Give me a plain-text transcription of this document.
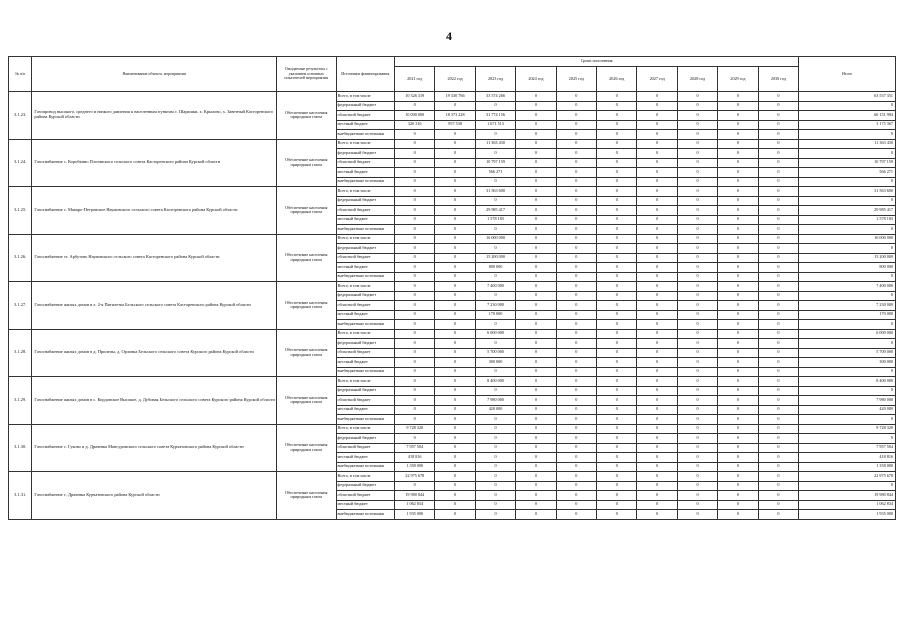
4
№ п/п	Наименование объекта, мероприятия	Ожидаемые результаты с указанием основных показателей мероприятия	Источники финансирования	Сроки исполнения										Итого
				2021 год	2022 год	2023 год	2024 год	2025 год	2026 год	2027 год	2028 год	2029 год	2030 год	
3.1.23.	Газопровод высокого, среднего и низкого давления к населенным пунктам с. Шарашки, х. Крылово, х. Заветный Касторенского района Курской области	Обеспечение населения природным газом	Всего, в том числе	10 326 319	19 330 766	33 374 266	0	0	0	0	0	0	0	63 537 351
			федеральный бюджет	0	0	0	0	0	0	0	0	0	0	0
			областной бюджет	10 000 000	18 373 228	31 774 156	0	0	0	0	0	0	0	60 151 984
			местный бюджет	326 316	957 538	1 671 513	0	0	0	0	0	0	0	3 175 367
			внебюджетные источники	0	0	0	0	0	0	0	0	0	0	0
3.1.24.	Газоснабжение с. Коробкино Плотавского сельского совета Касторенского района Курской области	Обеспечение населения природным газом	Всего, в том числе	0	0	11 363 430	0	0	0	0	0	0	0	11 363 430
			федеральный бюджет	0	0	0	0	0	0	0	0	0	0	0
			областной бюджет	0	0	10 797 159	0	0	0	0	0	0	0	10 797 159
			местный бюджет	0	0	566 271	0	0	0	0	0	0	0	566 271
			внебюджетные источники	0	0	0	0	0	0	0	0	0	0	0
3.1.25.	Газоснабжение с. Макаро-Петровское Наумовского сельского совета Касторенского района Курской области	Обеспечение населения природным газом	Всего, в том числе	0	0	31 563 600	0	0	0	0	0	0	0	31 563 600
			федеральный бюджет	0	0	0	0	0	0	0	0	0	0	0
			областной бюджет	0	0	29 985 417	0	0	0	0	0	0	0	29 985 417
			местный бюджет	0	0	1 578 183	0	0	0	0	0	0	0	1 578 183
			внебюджетные источники	0	0	0	0	0	0	0	0	0	0	0
3.1.26.	Газоснабжение ст. Арбузово Наумовского сельского совета Касторенского района Курской области	Обеспечение населения природным газом	Всего, в том числе	0	0	16 000 000	0	0	0	0	0	0	0	16 000 000
			федеральный бюджет	0	0	0	0	0	0	0	0	0	0	0
			областной бюджет	0	0	15 200 000	0	0	0	0	0	0	0	15 200 000
			местный бюджет	0	0	800 000	0	0	0	0	0	0	0	800 000
			внебюджетные источники	0	0	0	0	0	0	0	0	0	0	0
3.1.27.	Газоснабжение жилых домов в х. 2-я Пятилетка Бельского сельского совета Касторенского района Курской области	Обеспечение населения природным газом	Всего, в том числе	0	0	7 400 000	0	0	0	0	0	0	0	7 400 000
			федеральный бюджет	0	0	0	0	0	0	0	0	0	0	0
			областной бюджет	0	0	7 230 000	0	0	0	0	0	0	0	7 230 000
			местный бюджет	0	0	170 000	0	0	0	0	0	0	0	170 000
			внебюджетные источники	0	0	0	0	0	0	0	0	0	0	0
3.1.28.	Газоснабжение жилых домов в д. Прилепы, д. Орловка Бельского сельского совета Курского района Курской области	Обеспечение населения природным газом	Всего, в том числе	0	0	6 000 000	0	0	0	0	0	0	0	6 000 000
			федеральный бюджет	0	0	0	0	0	0	0	0	0	0	0
			областной бюджет	0	0	5 700 000	0	0	0	0	0	0	0	5 700 000
			местный бюджет	0	0	300 000	0	0	0	0	0	0	0	300 000
			внебюджетные источники	0	0	0	0	0	0	0	0	0	0	0
3.1.29.	Газоснабжение жилых домов в с. Кордовское Высокое, д. Дубовая Бельского сельского совета Курского района Курской области	Обеспечение населения природным газом	Всего, в том числе	0	0	8 400 000	0	0	0	0	0	0	0	8 400 000
			федеральный бюджет	0	0	0	0	0	0	0	0	0	0	0
			областной бюджет	0	0	7 980 000	0	0	0	0	0	0	0	7 980 000
			местный бюджет	0	0	420 000	0	0	0	0	0	0	0	420 000
			внебюджетные источники	0	0	0	0	0	0	0	0	0	0	0
3.1.30.	Газоснабжение с. Гуково и д. Драчевка Мансуровского сельского совета Курчатовского района Курской области	Обеспечение населения природным газом	Всего, в том числе	9 728 320	0	0	0	0	0	0	0	0	0	9 728 320
			федеральный бюджет	0	0	0	0	0	0	0	0	0	0	0
			областной бюджет	7 957 504	0	0	0	0	0	0	0	0	0	7 957 504
			местный бюджет	418 816	0	0	0	0	0	0	0	0	0	418 816
			внебюджетные источники	1 358 000	0	0	0	0	0	0	0	0	0	1 358 000
3.1.31.	Газоснабжение с. Драчевка Курчатовского района Курской области	Обеспечение населения природным газом	Всего, в том числе	22 975 678	0	0	0	0	0	0	0	0	0	22 975 678
			федеральный бюджет	0	0	0	0	0	0	0	0	0	0	0
			областной бюджет	19 980 844	0	0	0	0	0	0	0	0	0	19 980 844
			местный бюджет	1 062 834	0	0	0	0	0	0	0	0	0	1 062 834
			внебюджетные источники	1 935 000	0	0	0	0	0	0	0	0	0	1 935 000
